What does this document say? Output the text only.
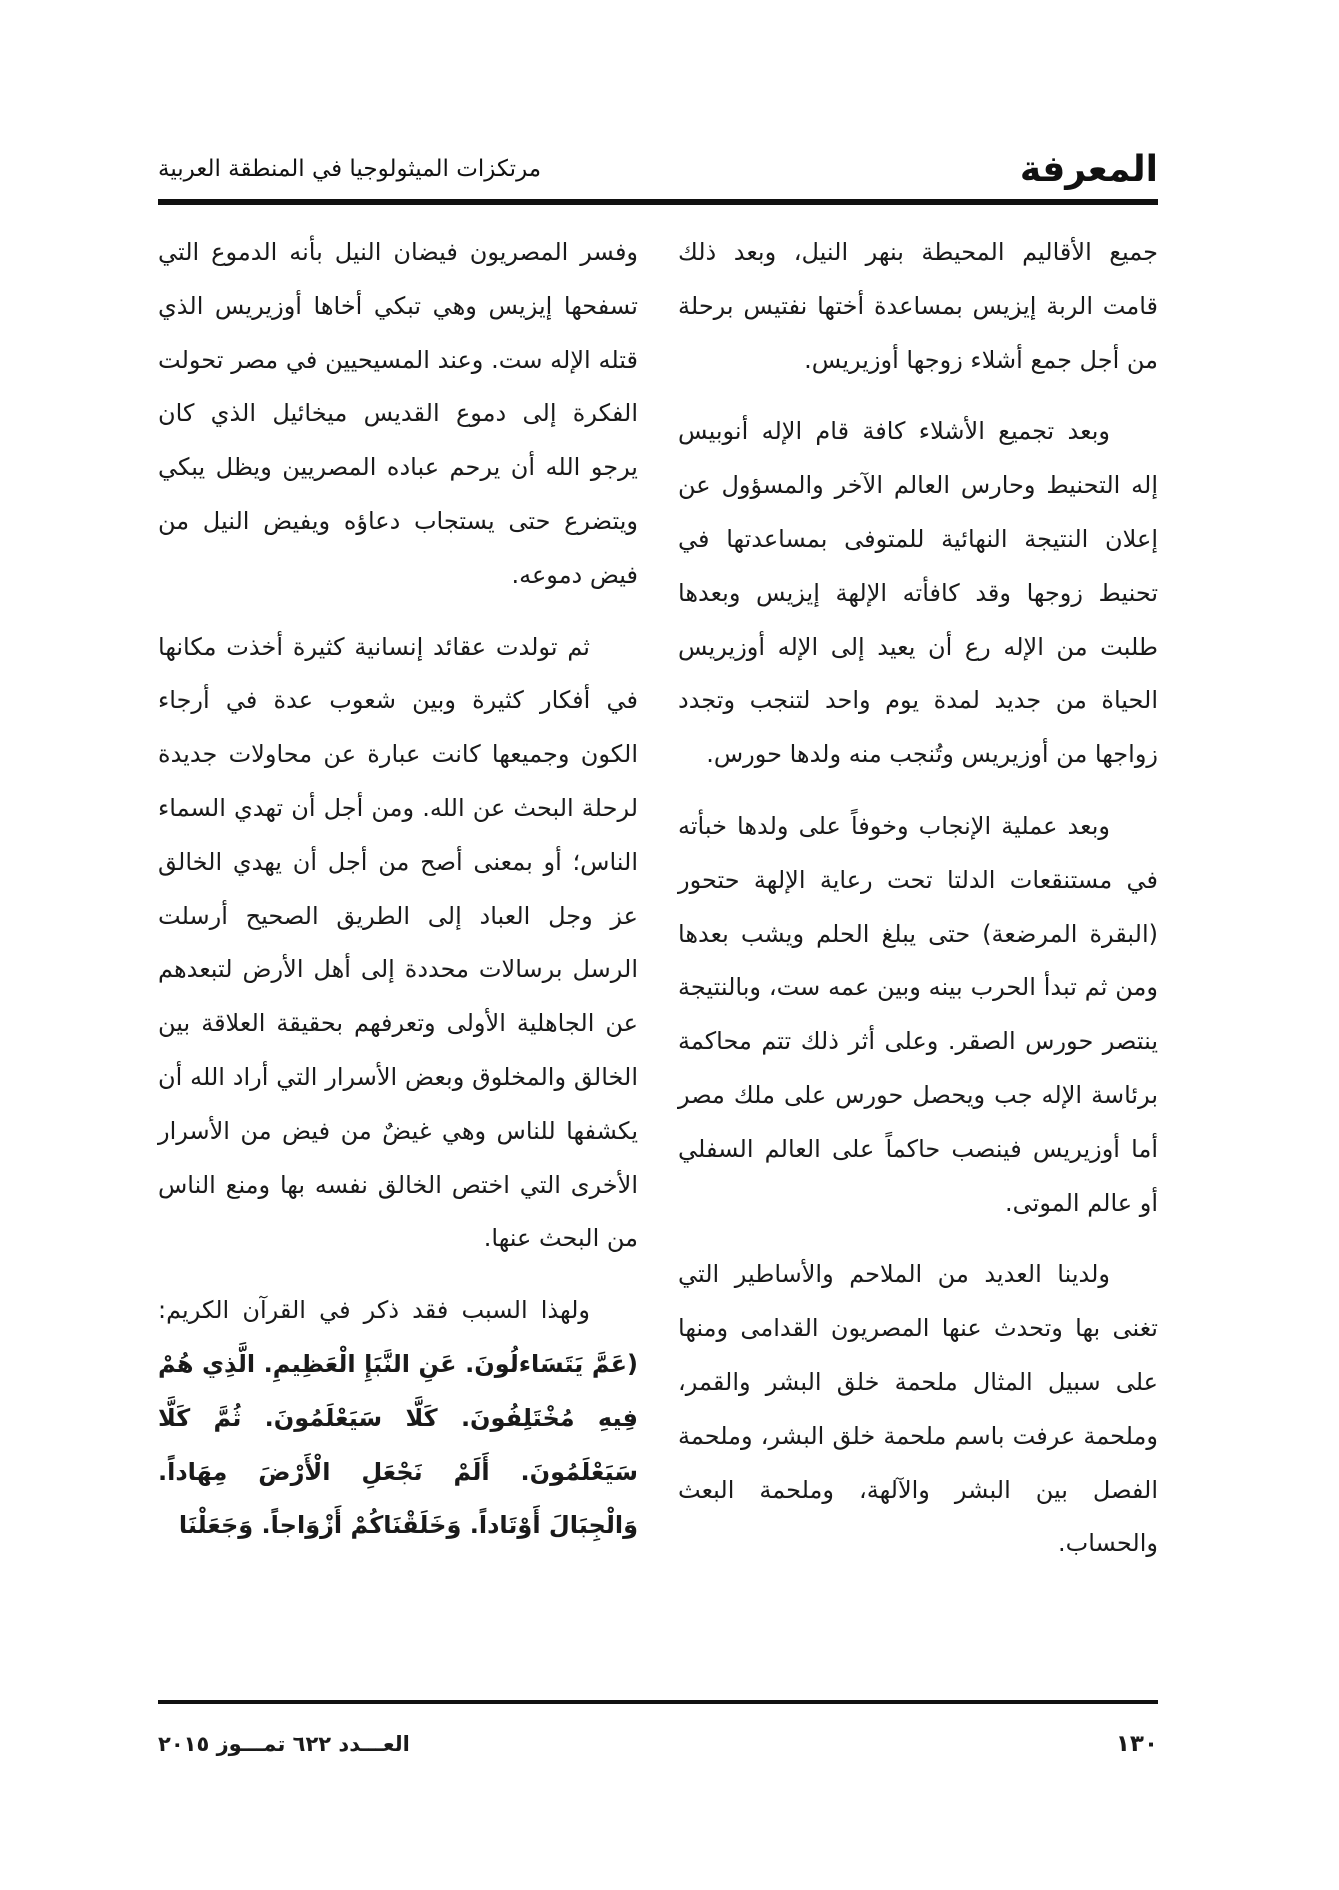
المعرفة
مرتكزات الميثولوجيا في المنطقة العربية

جميع الأقاليم المحيطة بنهر النيل، وبعد ذلك قامت الربة إيزيس بمساعدة أختها نفتيس برحلة من أجل جمع أشلاء زوجها أوزيريس.

وبعد تجميع الأشلاء كافة قام الإله أنوبيس إله التحنيط وحارس العالم الآخر والمسؤول عن إعلان النتيجة النهائية للمتوفى بمساعدتها في تحنيط زوجها وقد كافأته الإلهة إيزيس وبعدها طلبت من الإله رع أن يعيد إلى الإله أوزيريس الحياة من جديد لمدة يوم واحد لتنجب وتجدد زواجها من أوزيريس وتُنجب منه ولدها حورس.

وبعد عملية الإنجاب وخوفاً على ولدها خبأته في مستنقعات الدلتا تحت رعاية الإلهة حتحور (البقرة المرضعة) حتى يبلغ الحلم ويشب بعدها ومن ثم تبدأ الحرب بينه وبين عمه ست، وبالنتيجة ينتصر حورس الصقر. وعلى أثر ذلك تتم محاكمة برئاسة الإله جب ويحصل حورس على ملك مصر أما أوزيريس فينصب حاكماً على العالم السفلي أو عالم الموتى.

ولدينا العديد من الملاحم والأساطير التي تغنى بها وتحدث عنها المصريون القدامى ومنها على سبيل المثال ملحمة خلق البشر والقمر، وملحمة عرفت باسم ملحمة خلق البشر، وملحمة الفصل بين البشر والآلهة، وملحمة البعث والحساب.

وفسر المصريون فيضان النيل بأنه الدموع التي تسفحها إيزيس وهي تبكي أخاها أوزيريس الذي قتله الإله ست. وعند المسيحيين في مصر تحولت الفكرة إلى دموع القديس ميخائيل الذي كان يرجو الله أن يرحم عباده المصريين ويظل يبكي ويتضرع حتى يستجاب دعاؤه ويفيض النيل من فيض دموعه.

ثم تولدت عقائد إنسانية كثيرة أخذت مكانها في أفكار كثيرة وبين شعوب عدة في أرجاء الكون وجميعها كانت عبارة عن محاولات جديدة لرحلة البحث عن الله. ومن أجل أن تهدي السماء الناس؛ أو بمعنى أصح من أجل أن يهدي الخالق عز وجل العباد إلى الطريق الصحيح أرسلت الرسل برسالات محددة إلى أهل الأرض لتبعدهم عن الجاهلية الأولى وتعرفهم بحقيقة العلاقة بين الخالق والمخلوق وبعض الأسرار التي أراد الله أن يكشفها للناس وهي غيضٌ من فيض من الأسرار الأخرى التي اختص الخالق نفسه بها ومنع الناس من البحث عنها.

ولهذا السبب فقد ذكر في القرآن الكريم: (عَمَّ يَتَسَاءلُونَ. عَنِ النَّبَإِ الْعَظِيمِ. الَّذِي هُمْ فِيهِ مُخْتَلِفُونَ. كَلَّا سَيَعْلَمُونَ. ثُمَّ كَلَّا سَيَعْلَمُونَ. أَلَمْ نَجْعَلِ الْأَرْضَ مِهَاداً. وَالْجِبَالَ أَوْتَاداً. وَخَلَقْنَاكُمْ أَزْوَاجاً. وَجَعَلْنَا

١٣٠
العـــدد ٦٢٢ تمـــوز ٢٠١٥
